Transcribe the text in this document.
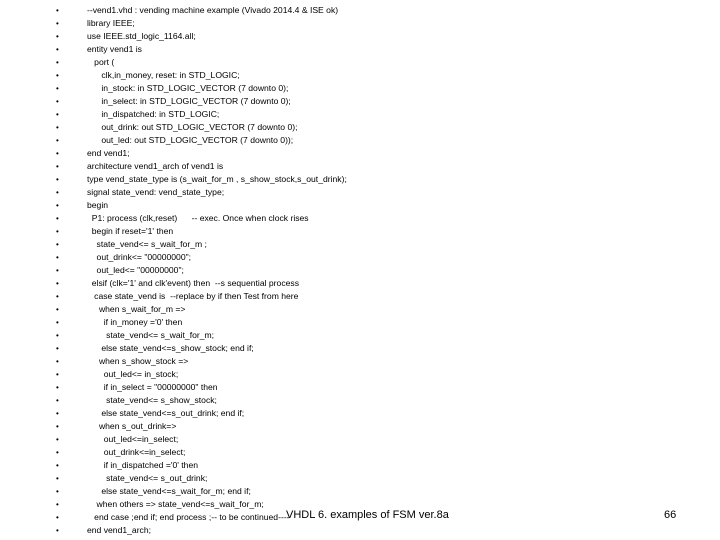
•	--vend1.vhd : vending machine example (Vivado 2014.4 & ISE ok)
•	library IEEE;
•	use IEEE.std_logic_1164.all;
•	entity vend1 is
•	port (
•	clk,in_money, reset: in STD_LOGIC;
•	in_stock: in STD_LOGIC_VECTOR (7 downto 0);
•	in_select: in STD_LOGIC_VECTOR (7 downto 0);
•	in_dispatched: in STD_LOGIC;
•	out_drink: out STD_LOGIC_VECTOR (7 downto 0);
•	out_led: out STD_LOGIC_VECTOR (7 downto 0));
•	end vend1;
•	architecture vend1_arch of vend1 is
•	type vend_state_type is (s_wait_for_m , s_show_stock,s_out_drink);
•	signal state_vend: vend_state_type;
•	begin
•	P1: process (clk,reset)      -- exec. Once when clock rises
•	begin if reset='1' then
•	state_vend<= s_wait_for_m ;
•	out_drink<= "00000000";
•	out_led<= "00000000";
•	elsif (clk='1' and clk'event) then  --s sequential process
•	case state_vend is  --replace by if then Test from here
•	when s_wait_for_m =>
•	if in_money ='0' then
•	state_vend<= s_wait_for_m;
•	else state_vend<=s_show_stock; end if;
•	when s_show_stock =>
•	out_led<= in_stock;
•	if in_select = "00000000" then
•	state_vend<= s_show_stock;
•	else state_vend<=s_out_drink; end if;
•	when s_out_drink=>
•	out_led<=in_select;
•	out_drink<=in_select;
•	if in_dispatched ='0' then
•	state_vend<= s_out_drink;
•	else state_vend<=s_wait_for_m; end if;
•	when others => state_vend<=s_wait_for_m;
•	end case ;end if; end process ;-- to be continued----
•	end vend1_arch;
VHDL 6. examples of FSM ver.8a	66
